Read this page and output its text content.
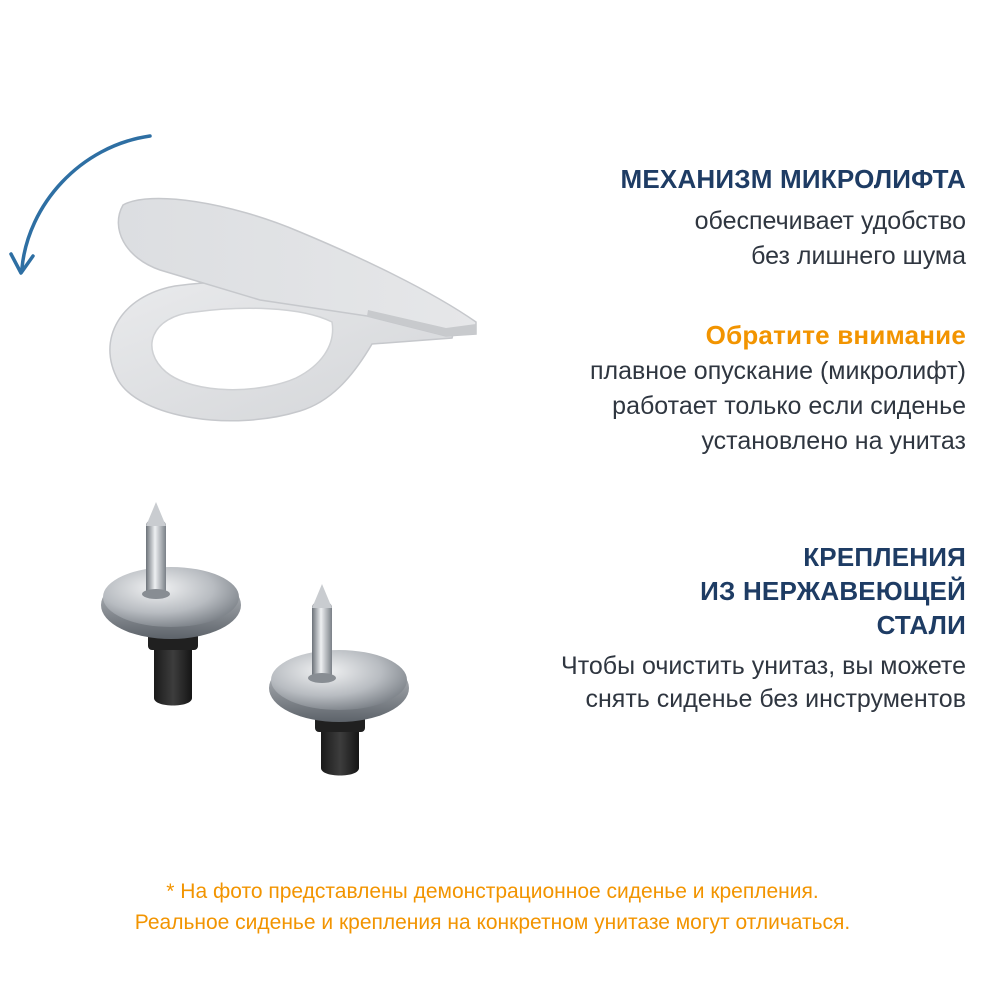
МЕХАНИЗМ МИКРОЛИФТА
обеспечивает удобство
без лишнего шума
Обратите внимание
плавное опускание (микролифт)
работает только если сиденье
установлено на унитаз
КРЕПЛЕНИЯ
ИЗ НЕРЖАВЕЮЩЕЙ
СТАЛИ
Чтобы очистить унитаз, вы можете
снять сиденье без инструментов
* На фото представлены демонстрационное сиденье и крепления.
Реальное сиденье и крепления на конкретном унитазе могут отличаться.
